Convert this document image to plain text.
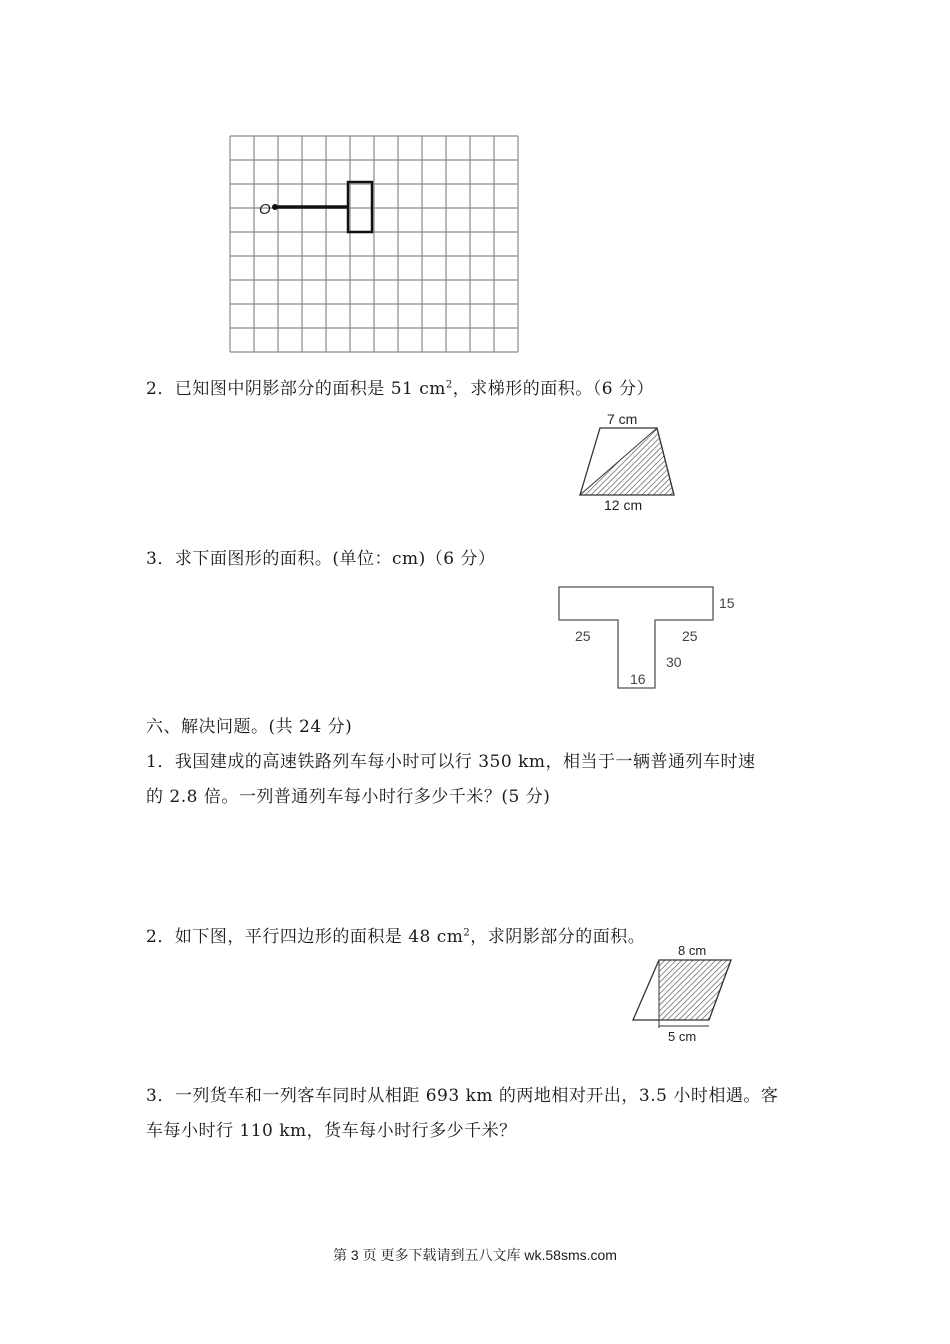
O
2．已知图中阴影部分的面积是 51 $cm^2$，求梯形的面积。（6 分）
7 cm
12 cm
3．求下面图形的面积。(单位：cm)（6 分）
15
25	25
30
16
六、解决问题。(共 24 分)
1．我国建成的高速铁路列车每小时可以行 350 km，相当于一辆普通列车时速
的 2.8 倍。一列普通列车每小时行多少千米？(5 分)
2．如下图，平行四边形的面积是 48 $cm^2$，求阴影部分的面积。
8 cm
5 cm
3．一列货车和一列客车同时从相距 693 km 的两地相对开出，3.5 小时相遇。客
车每小时行 110 km，货车每小时行多少千米？
第 3 页 更多下载请到五八文库 wk.58sms.com
